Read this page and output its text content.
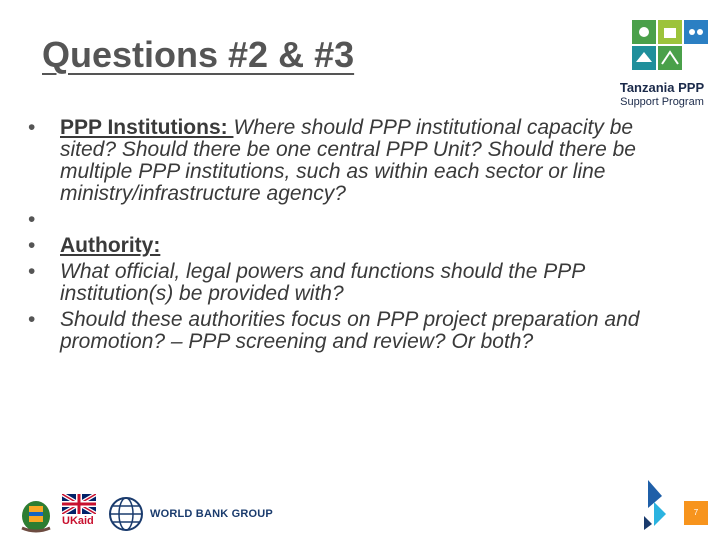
Questions #2 & #3
Tanzania PPP
Support Program
•	PPP Institutions: Where should PPP institutional capacity be sited? Should there be one central PPP Unit? Should there be multiple PPP institutions, such as within each sector or line ministry/infrastructure agency?
•
•	Authority:
•	What official, legal powers and functions should the PPP institution(s) be provided with?
•	Should these authorities focus on PPP project preparation and promotion? – PPP screening and review? Or both?
UKaid
WORLD BANK GROUP	7
